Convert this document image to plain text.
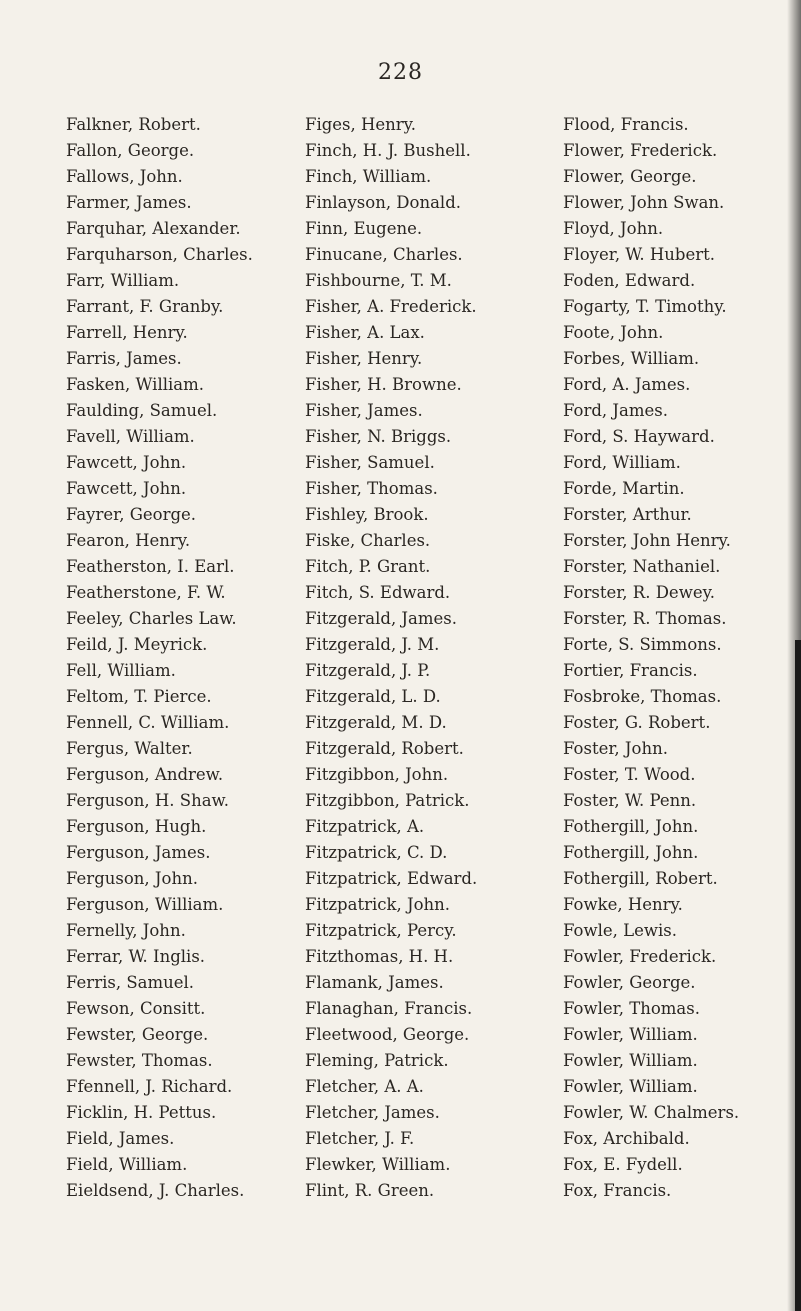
228
Falkner, Robert.
Fallon, George.
Fallows, John.
Farmer, James.
Farquhar, Alexander.
Farquharson, Charles.
Farr, William.
Farrant, F. Granby.
Farrell, Henry.
Farris, James.
Fasken, William.
Faulding, Samuel.
Favell, William.
Fawcett, John.
Fawcett, John.
Fayrer, George.
Fearon, Henry.
Featherston, I. Earl.
Featherstone, F. W.
Feeley, Charles Law.
Feild, J. Meyrick.
Fell, William.
Feltom, T. Pierce.
Fennell, C. William.
Fergus, Walter.
Ferguson, Andrew.
Ferguson, H. Shaw.
Ferguson, Hugh.
Ferguson, James.
Ferguson, John.
Ferguson, William.
Fernelly, John.
Ferrar, W. Inglis.
Ferris, Samuel.
Fewson, Consitt.
Fewster, George.
Fewster, Thomas.
Ffennell, J. Richard.
Ficklin, H. Pettus.
Field, James.
Field, William.
Eieldsend, J. Charles.
Figes, Henry.
Finch, H. J. Bushell.
Finch, William.
Finlayson, Donald.
Finn, Eugene.
Finucane, Charles.
Fishbourne, T. M.
Fisher, A. Frederick.
Fisher, A. Lax.
Fisher, Henry.
Fisher, H. Browne.
Fisher, James.
Fisher, N. Briggs.
Fisher, Samuel.
Fisher, Thomas.
Fishley, Brook.
Fiske, Charles.
Fitch, P. Grant.
Fitch, S. Edward.
Fitzgerald, James.
Fitzgerald, J. M.
Fitzgerald, J. P.
Fitzgerald, L. D.
Fitzgerald, M. D.
Fitzgerald, Robert.
Fitzgibbon, John.
Fitzgibbon, Patrick.
Fitzpatrick, A.
Fitzpatrick, C. D.
Fitzpatrick, Edward.
Fitzpatrick, John.
Fitzpatrick, Percy.
Fitzthomas, H. H.
Flamank, James.
Flanaghan, Francis.
Fleetwood, George.
Fleming, Patrick.
Fletcher, A. A.
Fletcher, James.
Fletcher, J. F.
Flewker, William.
Flint, R. Green.
Flood, Francis.
Flower, Frederick.
Flower, George.
Flower, John Swan.
Floyd, John.
Floyer, W. Hubert.
Foden, Edward.
Fogarty, T. Timothy.
Foote, John.
Forbes, William.
Ford, A. James.
Ford, James.
Ford, S. Hayward.
Ford, William.
Forde, Martin.
Forster, Arthur.
Forster, John Henry.
Forster, Nathaniel.
Forster, R. Dewey.
Forster, R. Thomas.
Forte, S. Simmons.
Fortier, Francis.
Fosbroke, Thomas.
Foster, G. Robert.
Foster, John.
Foster, T. Wood.
Foster, W. Penn.
Fothergill, John.
Fothergill, John.
Fothergill, Robert.
Fowke, Henry.
Fowle, Lewis.
Fowler, Frederick.
Fowler, George.
Fowler, Thomas.
Fowler, William.
Fowler, William.
Fowler, William.
Fowler, W. Chalmers.
Fox, Archibald.
Fox, E. Fydell.
Fox, Francis.
